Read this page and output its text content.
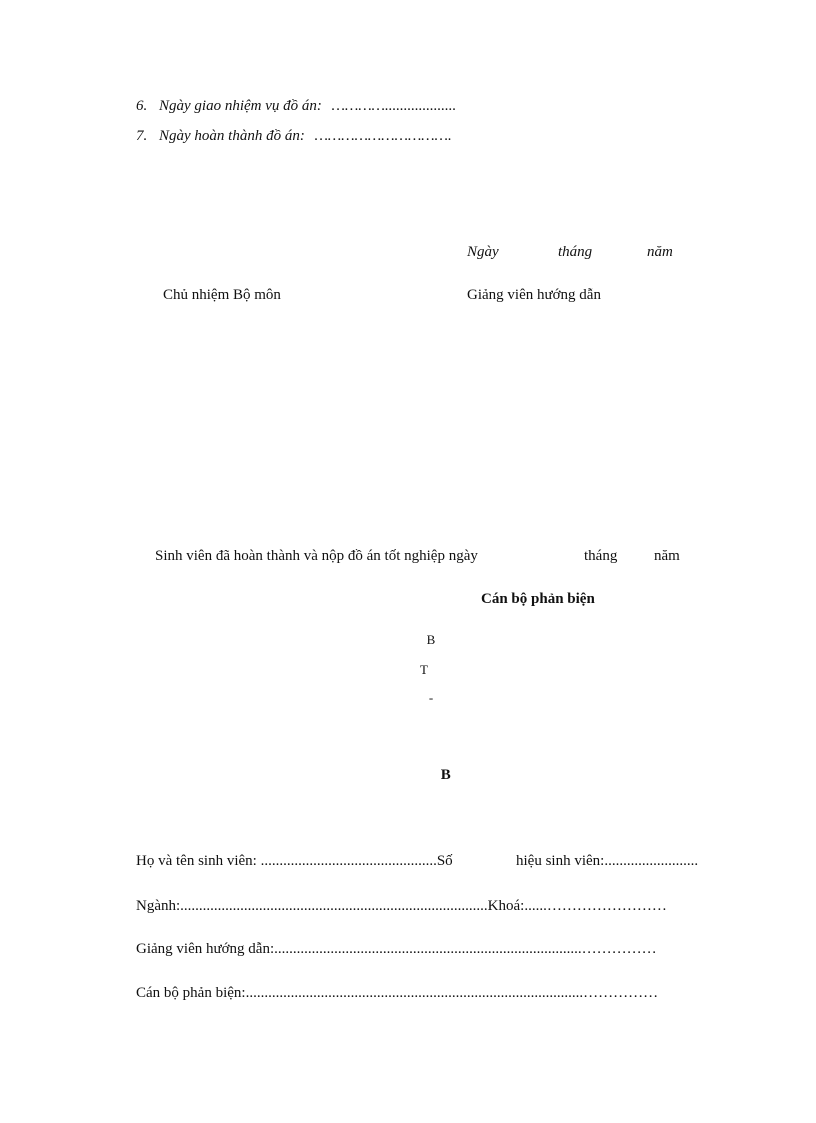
6. Ngày giao nhiệm vụ đồ án: …………...................
7. Ngày hoàn thành đồ án: ………………………….
Ngày	tháng	năm
Chủ nhiệm Bộ môn	Giảng viên hướng dẫn
Sinh viên đã hoàn thành và nộp đồ án tốt nghiệp ngày	tháng năm
Cán bộ phản biện
B
T
-
B
Họ và tên sinh viên: ...............................................Số	hiệu sinh viên:.........................
Ngành:..................................................................................Khoá:......……………………
Giảng viên hướng dẫn:..................................................................................……………
Cán bộ phản biện:..........................................................................................……………
